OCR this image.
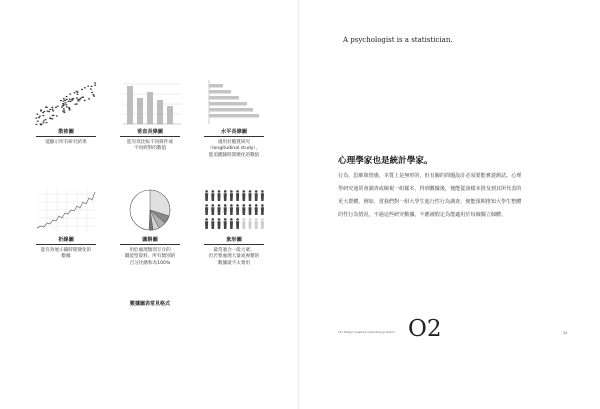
散佈圖
能顯示所有研究結果
垂直長條圖
能有效比較不同條件或
不同經對的數值
水平長條圖
適用於縱貫研究
（longitudinal study），
能追蹤隨時間變化的數值
折線圖
能有效展示隨時間變化的
數據
圓餅圖
用於處理類別互斥的
職能型資料，所有類別的
百分比總和為100%
象形圖
最常適合一般大眾，
但若要處理大量或複雜的
數據就不太實用
數據圖表常見格式
A psychologist is a statistician.
心理學家也是統計學家。
行為，思維與情感，本質上是無形的，但有關的問題設計必須要能實證測試。心理
學研究通常會調查或檢視一組樣本，得到數據後，便能從該樣本推及到其所代表的
更大群體。例如，當我們對一組大學生進行性行為調查，便能預期推知大學生整體
的性行為情況，不過這些研究數據，不應被假定為能適用於每個獨立個體。
101 Things I Learned in Psychology School O2	33
